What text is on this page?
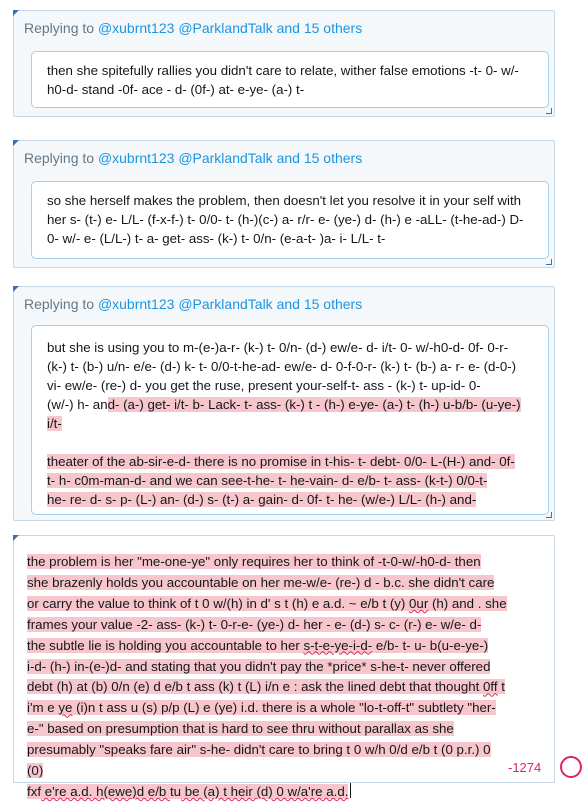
Replying to @xubrnt123 @ParklandTalk and 15 others
then she spitefully rallies you didn't care to relate, wither false emotions -t- 0- w/-
h0-d- stand -0f- ace - d- (0f-) at- e-ye- (a-) t-
Replying to @xubrnt123 @ParklandTalk and 15 others
so she herself makes the problem, then doesn't let you resolve it in your self with
her s- (t-) e- L/L- (f-x-f-) t- 0/0- t- (h-)(c-) a- r/r- e- (ye-) d- (h-) e -aLL- (t-he-ad-) D-
0- w/- e- (L/L-) t- a- get- ass- (k-) t- 0/n- (e-a-t- )a- i- L/L- t-
Replying to @xubrnt123 @ParklandTalk and 15 others
but she is using you to m-(e-)a-r- (k-) t- 0/n- (d-) ew/e- d- i/t- 0- w/-h0-d- 0f- 0-r-
(k-) t- (b-) u/n- e/e- (d-) k- t- 0/0-t-he-ad- ew/e- d- 0-f-0-r- (k-) t- (b-) a- r- e- (d-0-)
vi- ew/e- (re-) d- you get the ruse, present your-self-t- ass - (k-) t- up-id- 0-
(w/-) h- and- (a-) get- i/t- b- Lack- t- ass- (k-) t - (h-) e-ye- (a-) t- (h-) u-b/b- (u-ye-)
i/t-
theater of the ab-sir-e-d- there is no promise in t-his- t- debt- 0/0- L-(H-) and- 0f-
t- h- c0m-man-d- and we can see-t-he- t- he-vain- d- e/b- t- ass- (k-t-) 0/0-t-
he- re- d- s- p- (L-) an- (d-) s- (t-) a- gain- d- 0f- t- he- (w/e-) L/L- (h-) and-
the problem is her "me-one-ye" only requires her to think of -t-0-w/-h0-d- then
she brazenly holds you accountable on her me-w/e- (re-) d - b.c. she didn't care
or carry the value to think of t 0 w/(h) in d' s t (h) e a.d. ~ e/b t (y) 0ur (h) and . she
frames your value -2- ass- (k-) t- 0-r-e- (ye-) d- her - e- (d-) s- c- (r-) e- w/e- d-
the subtle lie is holding you accountable to her s-t-e-ye-i-d- e/b- t- u- b(u-e-ye-)
i-d- (h-) in-(e-)d- and stating that you didn't pay the *price* s-he-t- never offered
debt (h) at (b) 0/n (e) d e/b t ass (k) t (L) i/n e : ask the lined debt that thought 0ff t
i'm e ye (i)n t ass u (s) p/p (L) e (ye) i.d. there is a whole "lo-t-off-t" subtlety "her-
e-" based on presumption that is hard to see thru without parallax as she
presumably "speaks fare air" s-he- didn't care to bring t 0 w/h 0/d e/b t (0 p.r.) 0
(0)
fxf e're a.d. h(ewe)d e/b tu be (a) t heir (d) 0 w/a're a.d.
-1274
